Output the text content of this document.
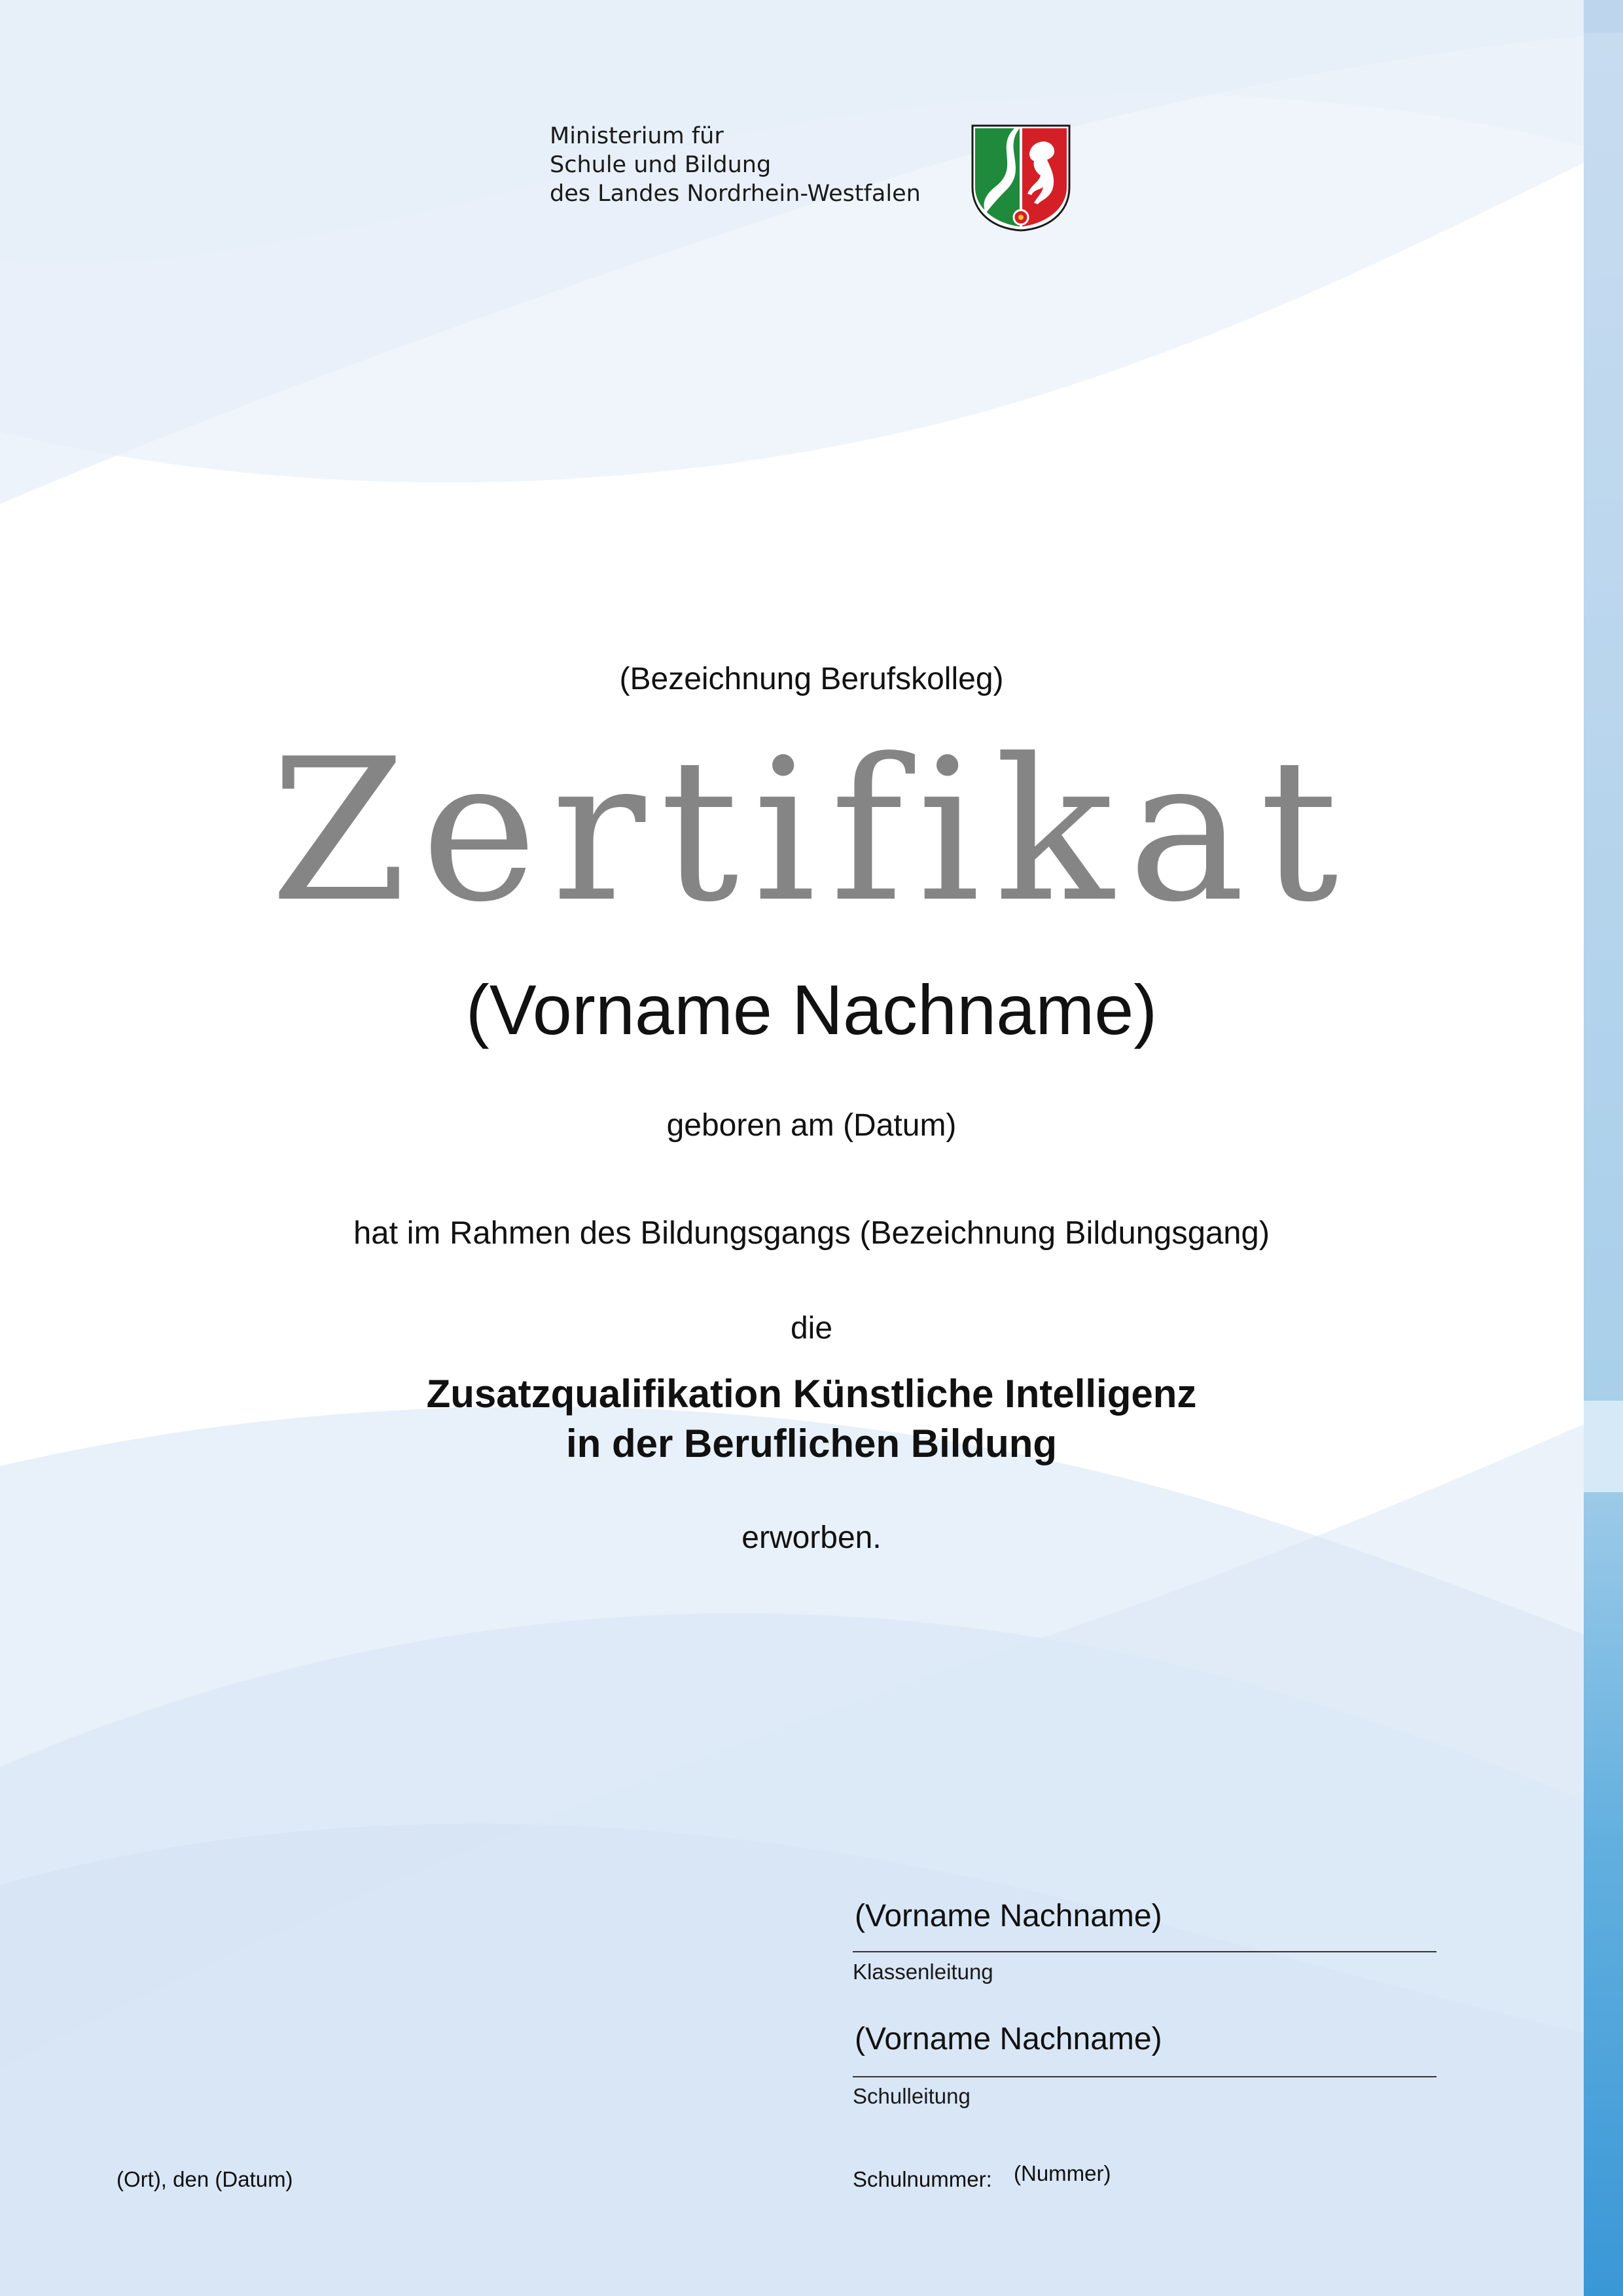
Ministerium für
Schule und Bildung
des Landes Nordrhein-Westfalen
(Bezeichnung Berufskolleg)
Zertifikat
(Vorname Nachname)
geboren am (Datum)
hat im Rahmen des Bildungsgangs (Bezeichnung Bildungsgang)
die
Zusatzqualifikation Künstliche Intelligenz
in der Beruflichen Bildung
erworben.
(Vorname Nachname)
Klassenleitung
(Vorname Nachname)
Schulleitung
(Ort), den (Datum)	Schulnummer: (Nummer)
